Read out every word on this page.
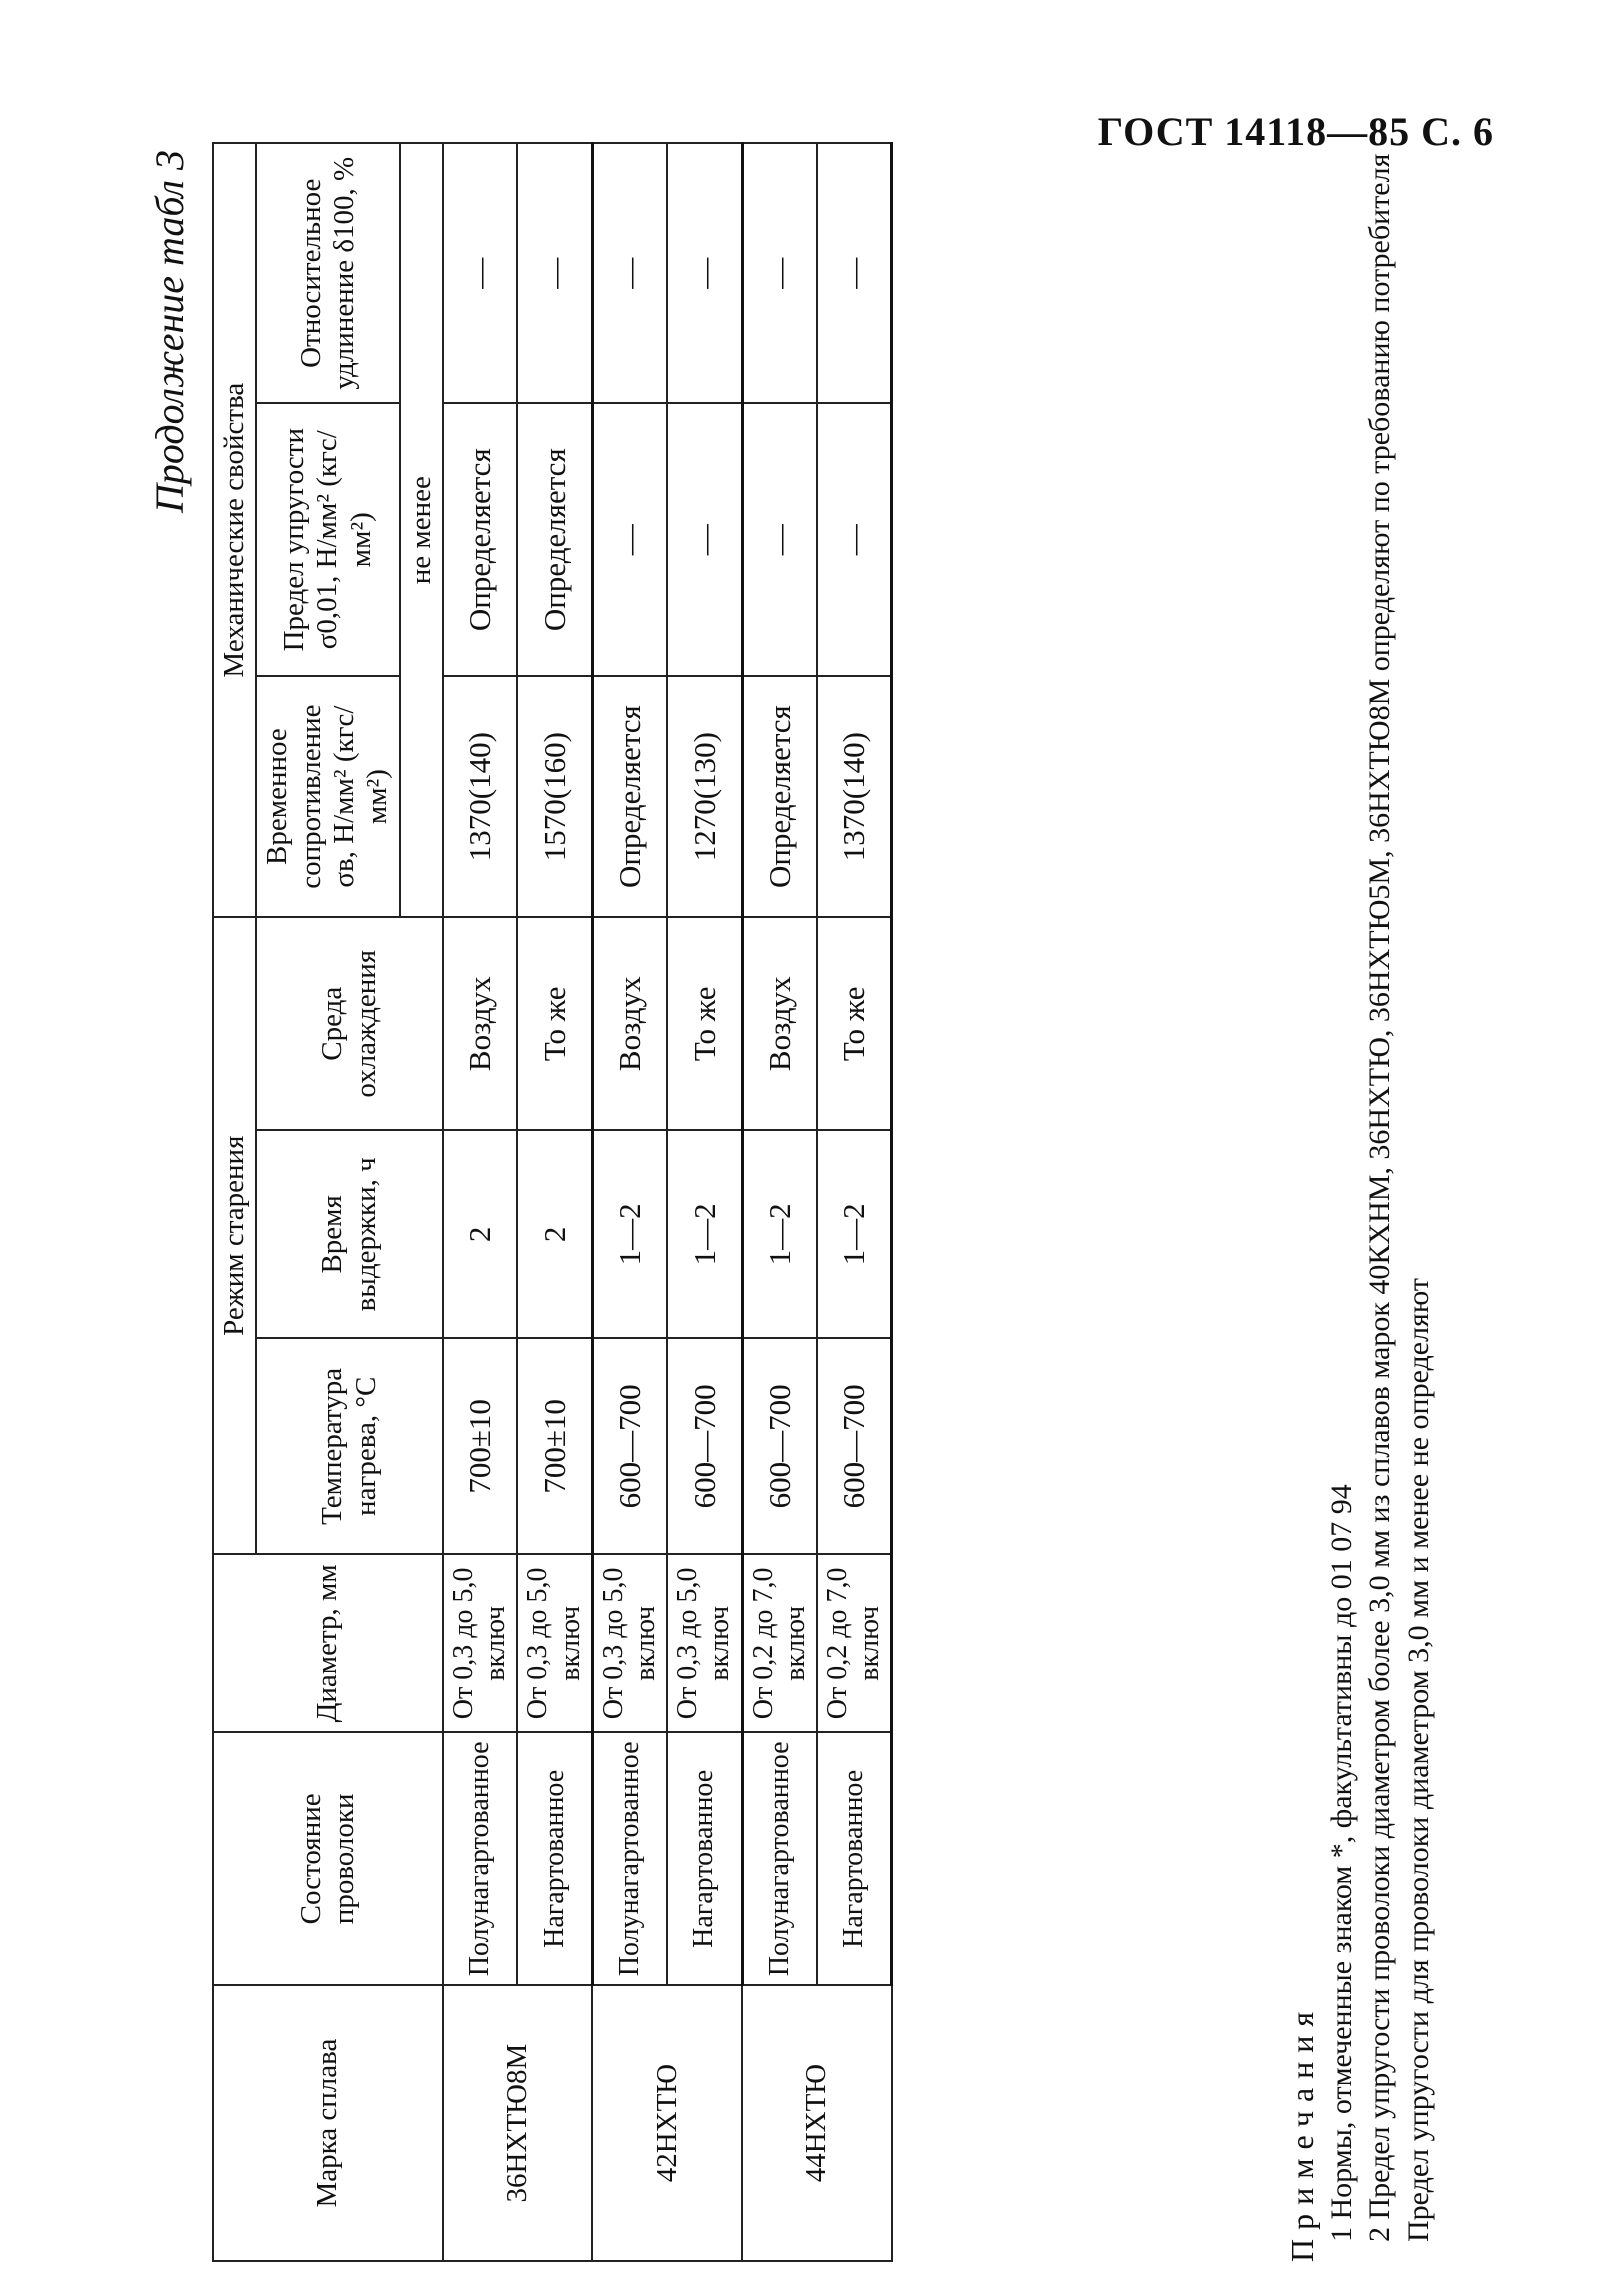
ГОСТ 14118—85 С. 6
Продолжение табл 3
Марка сплава	Состояние проволоки	Диаметр, мм	Режим старения			Механические свойства		
			Температура нагрева, °С	Время выдержки, ч	Среда охлаждения	Временное сопротивление σв, Н/мм² (кгс/мм²)	Предел упругости σ0,01, Н/мм² (кгс/мм²)	Относительное удлинение δ100, %
						не менее		
36НХТЮ8М	Полунагартованное	От 0,3 до 5,0 включ	700±10	2	Воздух	1370(140)	Определяется	—
	Нагартованное	От 0,3 до 5,0 включ	700±10	2	То же	1570(160)	Определяется	—
42НХТЮ	Полунагартованное	От 0,3 до 5,0 включ	600—700	1—2	Воздух	Определяется	—	—
	Нагартованное	От 0,3 до 5,0 включ	600—700	1—2	То же	1270(130)	—	—
44НХТЮ	Полунагартованное	От 0,2 до 7,0 включ	600—700	1—2	Воздух	Определяется	—	—
	Нагартованное	От 0,2 до 7,0 включ	600—700	1—2	То же	1370(140)	—	—
Примечания 1 Нормы, отмеченные знаком *, факультативны до 01 07 94 2 Предел упругости проволоки диаметром более 3,0 мм из сплавов марок 40КХНМ, 36НХТЮ, 36НХТЮ5М, 36НХТЮ8М определяют по требованию потребителя Предел упругости для проволоки диаметром 3,0 мм и менее не определяют
